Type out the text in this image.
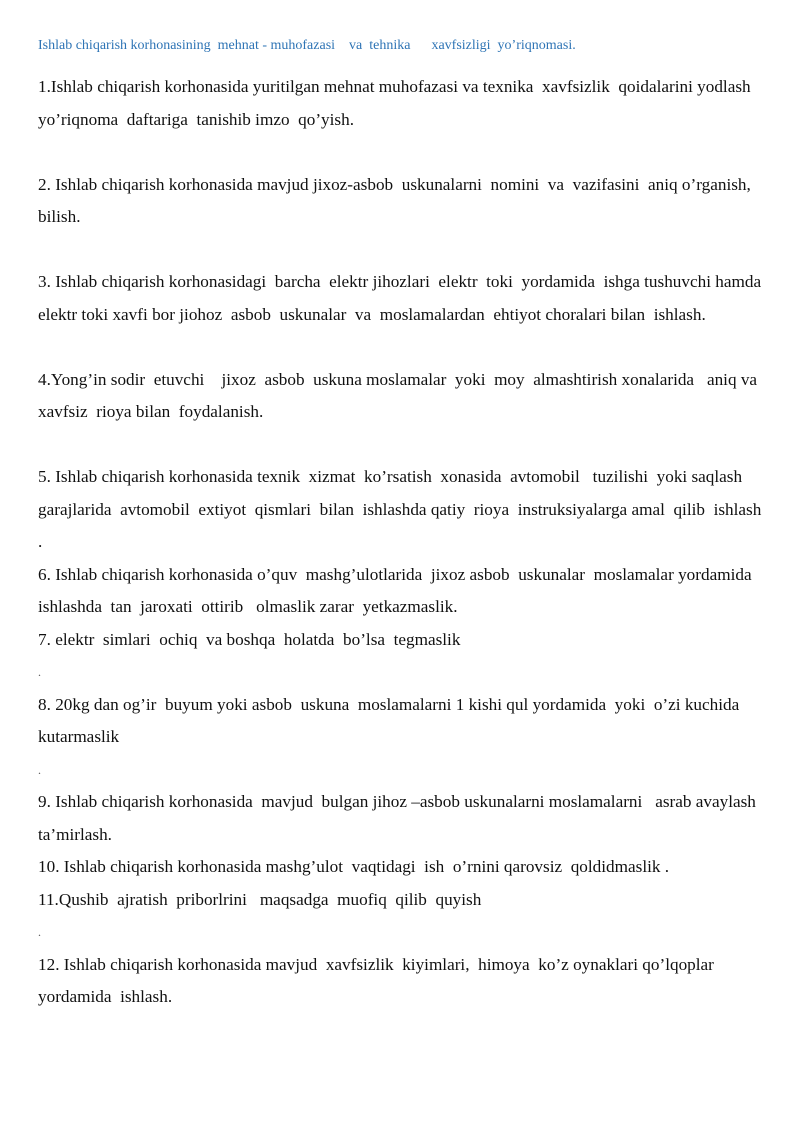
Ishlab chiqarish korhonasining  mehnat - muhofazasi    va  tehnika      xavfsizligi  yo’riqnomasi.

1.Ishlab chiqarish korhonasida yuritilgan mehnat muhofazasi va texnika  xavfsizlik  qoidalarini yodlash yo’riqnoma  daftariga  tanishib imzo  qo’yish.

2. Ishlab chiqarish korhonasida mavjud jixoz-asbob  uskunalarni  nomini  va  vazifasini  aniq o’rganish,  bilish.

3. Ishlab chiqarish korhonasidagi  barcha  elektr jihozlari  elektr  toki  yordamida  ishga tushuvchi hamda  elektr toki xavfi bor jiohoz  asbob  uskunalar  va  moslamalardan  ehtiyot choralari bilan  ishlash.

4.Yong’in sodir  etuvchi    jixoz  asbob  uskuna moslamalar  yoki  moy  almashtirish xonalarida   aniq va  xavfsiz  rioya bilan  foydalanish.

5. Ishlab chiqarish korhonasida texnik  xizmat  ko’rsatish  xonasida  avtomobil   tuzilishi  yoki saqlash  garajlarida  avtomobil  extiyot  qismlari  bilan  ishlashda qatiy  rioya  instruksiyalarga amal  qilib  ishlash .

6. Ishlab chiqarish korhonasida o’quv  mashg’ulotlarida  jixoz asbob  uskunalar  moslamalar yordamida   ishlashda  tan  jaroxati  ottirib   olmaslik zarar  yetkazmaslik.

7. elektr  simlari  ochiq  va boshqa  holatda  bo’lsa  tegmaslik

.

8. 20kg dan og’ir  buyum yoki asbob  uskuna  moslamalarni 1 kishi qul yordamida  yoki  o’zi kuchida  kutarmaslik

.

9. Ishlab chiqarish korhonasida  mavjud  bulgan jihoz –asbob uskunalarni moslamalarni   asrab avaylash  ta’mirlash.

10. Ishlab chiqarish korhonasida mashg’ulot  vaqtidagi  ish  o’rnini qarovsiz  qoldidmaslik .

11.Qushib  ajratish  priborlrini   maqsadga  muofiq  qilib  quyish

.

12. Ishlab chiqarish korhonasida mavjud  xavfsizlik  kiyimlari,  himoya  ko’z oynaklari qo’lqoplar  yordamida  ishlash.
